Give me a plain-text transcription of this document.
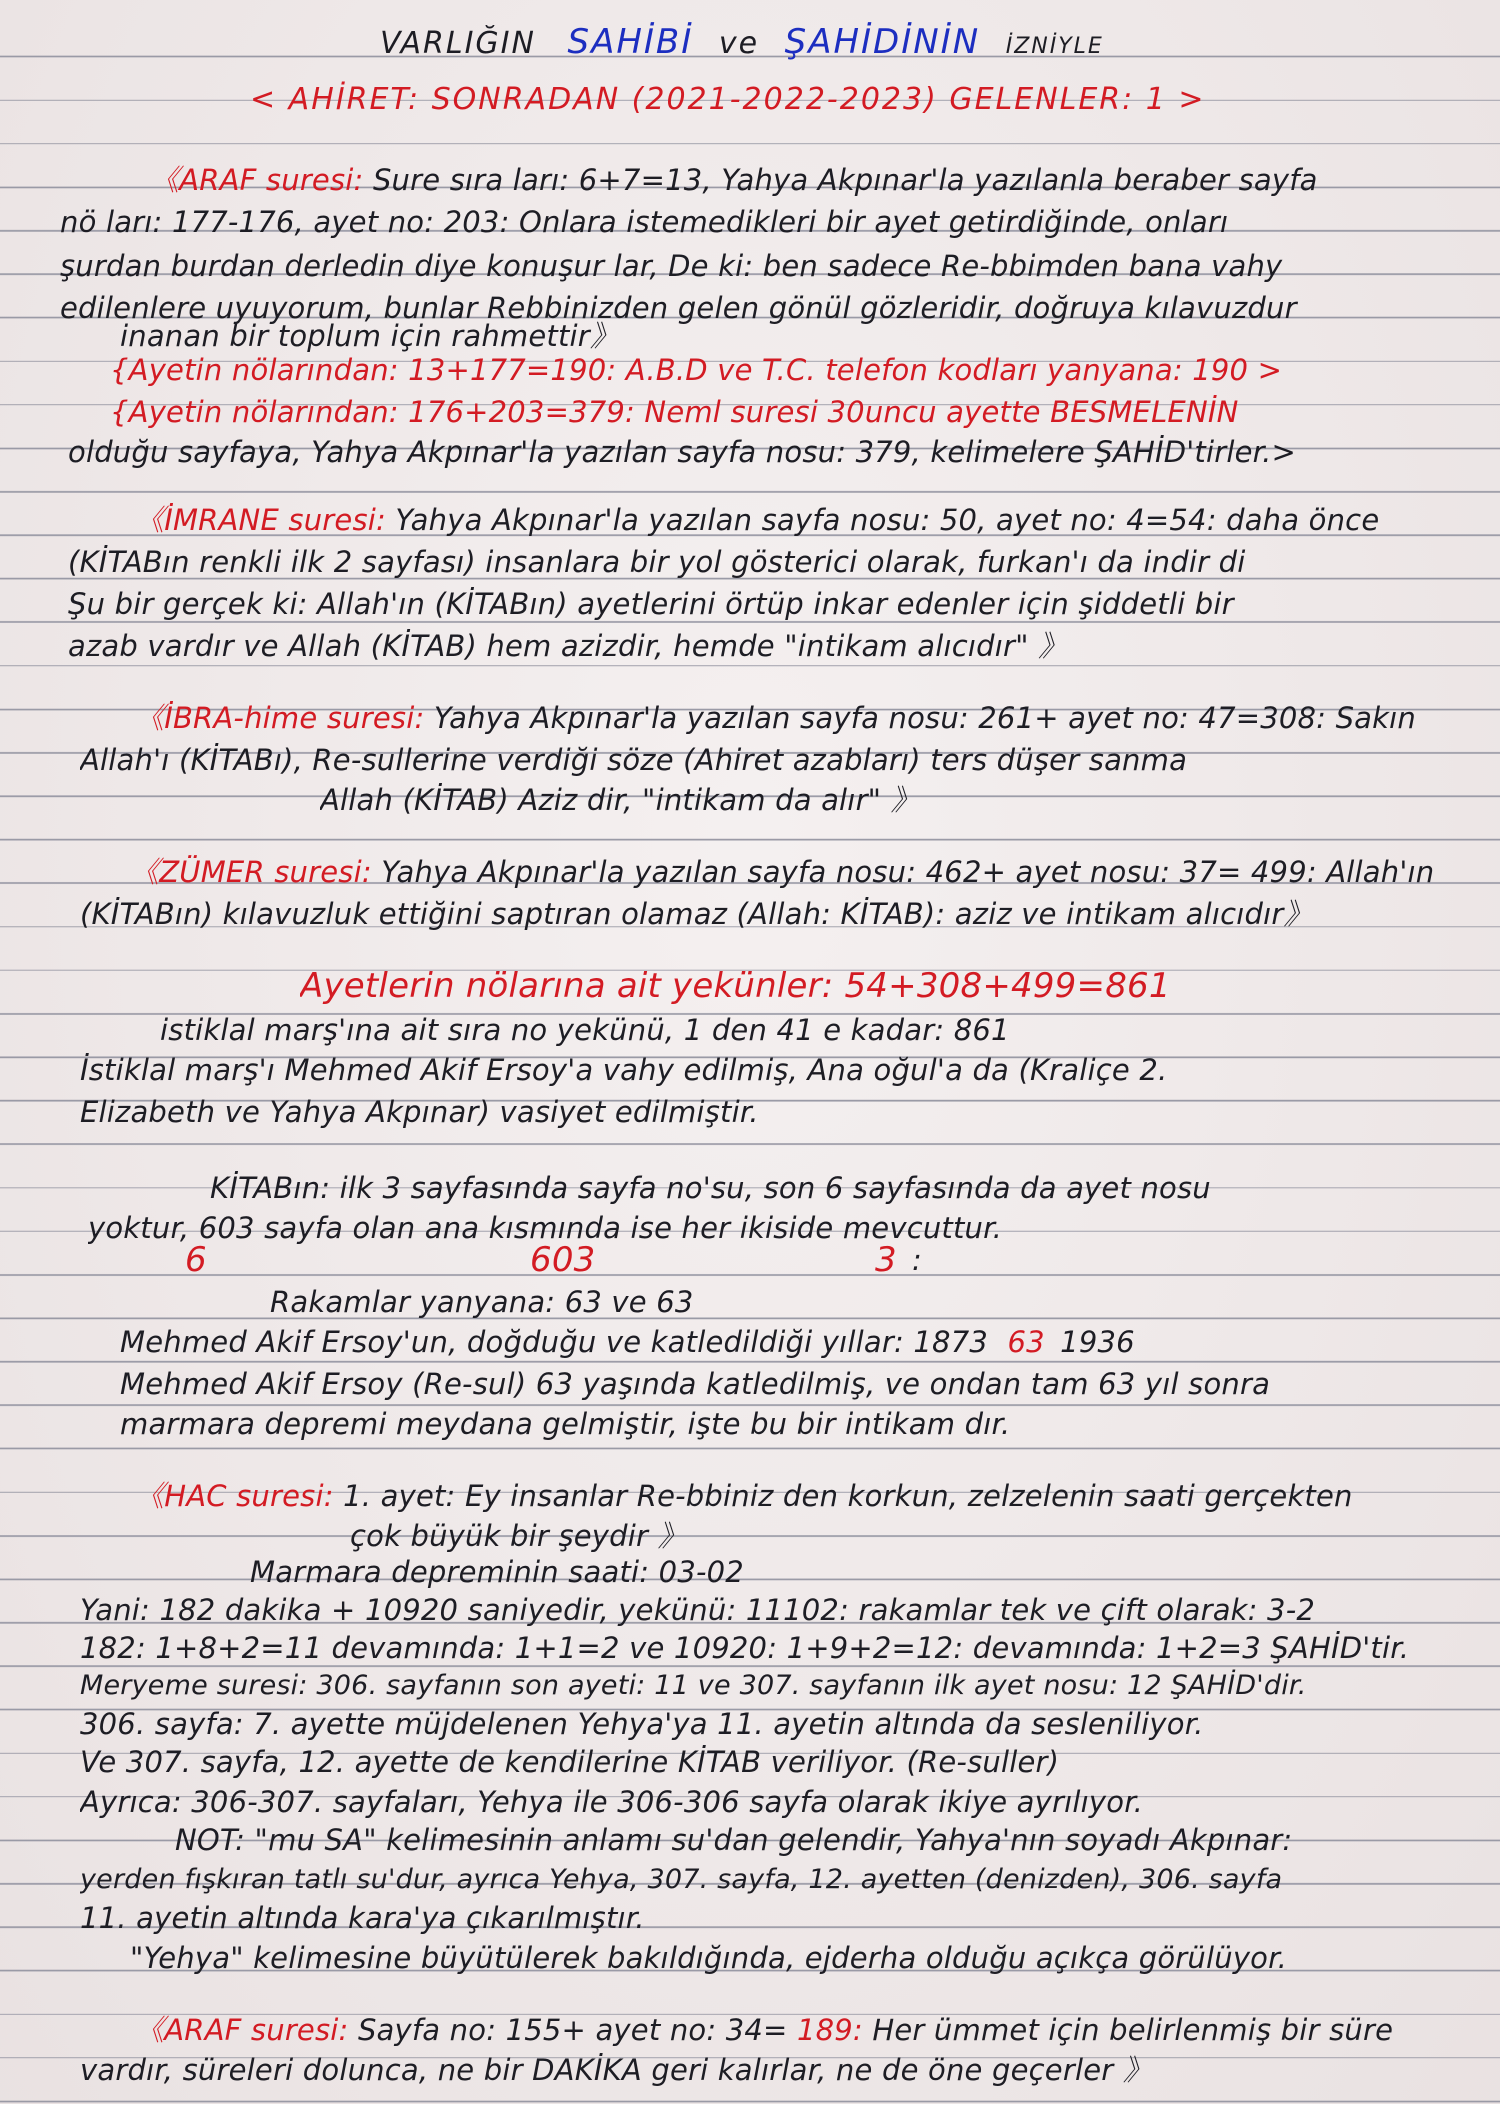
VARLIĞIN SAHİBİ ve ŞAHİDİNİN İZNİYLE
< AHİRET: SONRADAN (2021-2022-2023) GELENLER: 1 >
《ARAF suresi: Sure sıra ları: 6+7=13, Yahya Akpınar'la yazılanla beraber sayfa
nö ları: 177-176, ayet no: 203: Onlara istemedikleri bir ayet getirdiğinde, onları
şurdan burdan derledin diye konuşur lar, De ki: ben sadece Re-bbimden bana vahy
edilenlere uyuyorum, bunlar Rebbinizden gelen gönül gözleridir, doğruya kılavuzdur
inanan bir toplum için rahmettir》
{Ayetin nölarından: 13+177=190: A.B.D ve T.C. telefon kodları yanyana: 190 >
{Ayetin nölarından: 176+203=379: Neml suresi 30uncu ayette BESMELENİN
olduğu sayfaya, Yahya Akpınar'la yazılan sayfa nosu: 379, kelimelere ŞAHİD'tirler.>
《İMRANE suresi: Yahya Akpınar'la yazılan sayfa nosu: 50, ayet no: 4=54: daha önce
(KİTABın renkli ilk 2 sayfası) insanlara bir yol gösterici olarak, furkan'ı da indir di
Şu bir gerçek ki: Allah'ın (KİTABın) ayetlerini örtüp inkar edenler için şiddetli bir
azab vardır ve Allah (KİTAB) hem azizdir, hemde "intikam alıcıdır" 》
《İBRA-hime suresi: Yahya Akpınar'la yazılan sayfa nosu: 261+ ayet no: 47=308: Sakın
Allah'ı (KİTABı), Re-sullerine verdiği söze (Ahiret azabları) ters düşer sanma
Allah (KİTAB) Aziz dir, "intikam da alır" 》
《ZÜMER suresi: Yahya Akpınar'la yazılan sayfa nosu: 462+ ayet nosu: 37= 499: Allah'ın
(KİTABın) kılavuzluk ettiğini saptıran olamaz (Allah: KİTAB): aziz ve intikam alıcıdır》
Ayetlerin nölarına ait yekünler: 54+308+499=861
istiklal marş'ına ait sıra no yekünü, 1 den 41 e kadar: 861
İstiklal marş'ı Mehmed Akif Ersoy'a vahy edilmiş, Ana oğul'a da (Kraliçe 2.
Elizabeth ve Yahya Akpınar) vasiyet edilmiştir.
KİTABın: ilk 3 sayfasında sayfa no'su, son 6 sayfasında da ayet nosu
yoktur, 603 sayfa olan ana kısmında ise her ikiside mevcuttur.
6	603	3 :
Rakamlar yanyana: 63 ve 63
Mehmed Akif Ersoy'un, doğduğu ve katledildiği yıllar: 1873 63 1936
Mehmed Akif Ersoy (Re-sul) 63 yaşında katledilmiş, ve ondan tam 63 yıl sonra
marmara depremi meydana gelmiştir, işte bu bir intikam dır.
《HAC suresi: 1. ayet: Ey insanlar Re-bbiniz den korkun, zelzelenin saati gerçekten
çok büyük bir şeydir 》
Marmara depreminin saati: 03-02
Yani: 182 dakika + 10920 saniyedir, yekünü: 11102: rakamlar tek ve çift olarak: 3-2
182: 1+8+2=11 devamında: 1+1=2 ve 10920: 1+9+2=12: devamında: 1+2=3 ŞAHİD'tir.
Meryeme suresi: 306. sayfanın son ayeti: 11 ve 307. sayfanın ilk ayet nosu: 12 ŞAHİD'dir.
306. sayfa: 7. ayette müjdelenen Yehya'ya 11. ayetin altında da sesleniliyor.
Ve 307. sayfa, 12. ayette de kendilerine KİTAB veriliyor. (Re-suller)
Ayrıca: 306-307. sayfaları, Yehya ile 306-306 sayfa olarak ikiye ayrılıyor.
NOT: "mu SA" kelimesinin anlamı su'dan gelendir, Yahya'nın soyadı Akpınar:
yerden fışkıran tatlı su'dur, ayrıca Yehya, 307. sayfa, 12. ayetten (denizden), 306. sayfa
11. ayetin altında kara'ya çıkarılmıştır.
"Yehya" kelimesine büyütülerek bakıldığında, ejderha olduğu açıkça görülüyor.
《ARAF suresi: Sayfa no: 155+ ayet no: 34= 189: Her ümmet için belirlenmiş bir süre
vardır, süreleri dolunca, ne bir DAKİKA geri kalırlar, ne de öne geçerler 》
